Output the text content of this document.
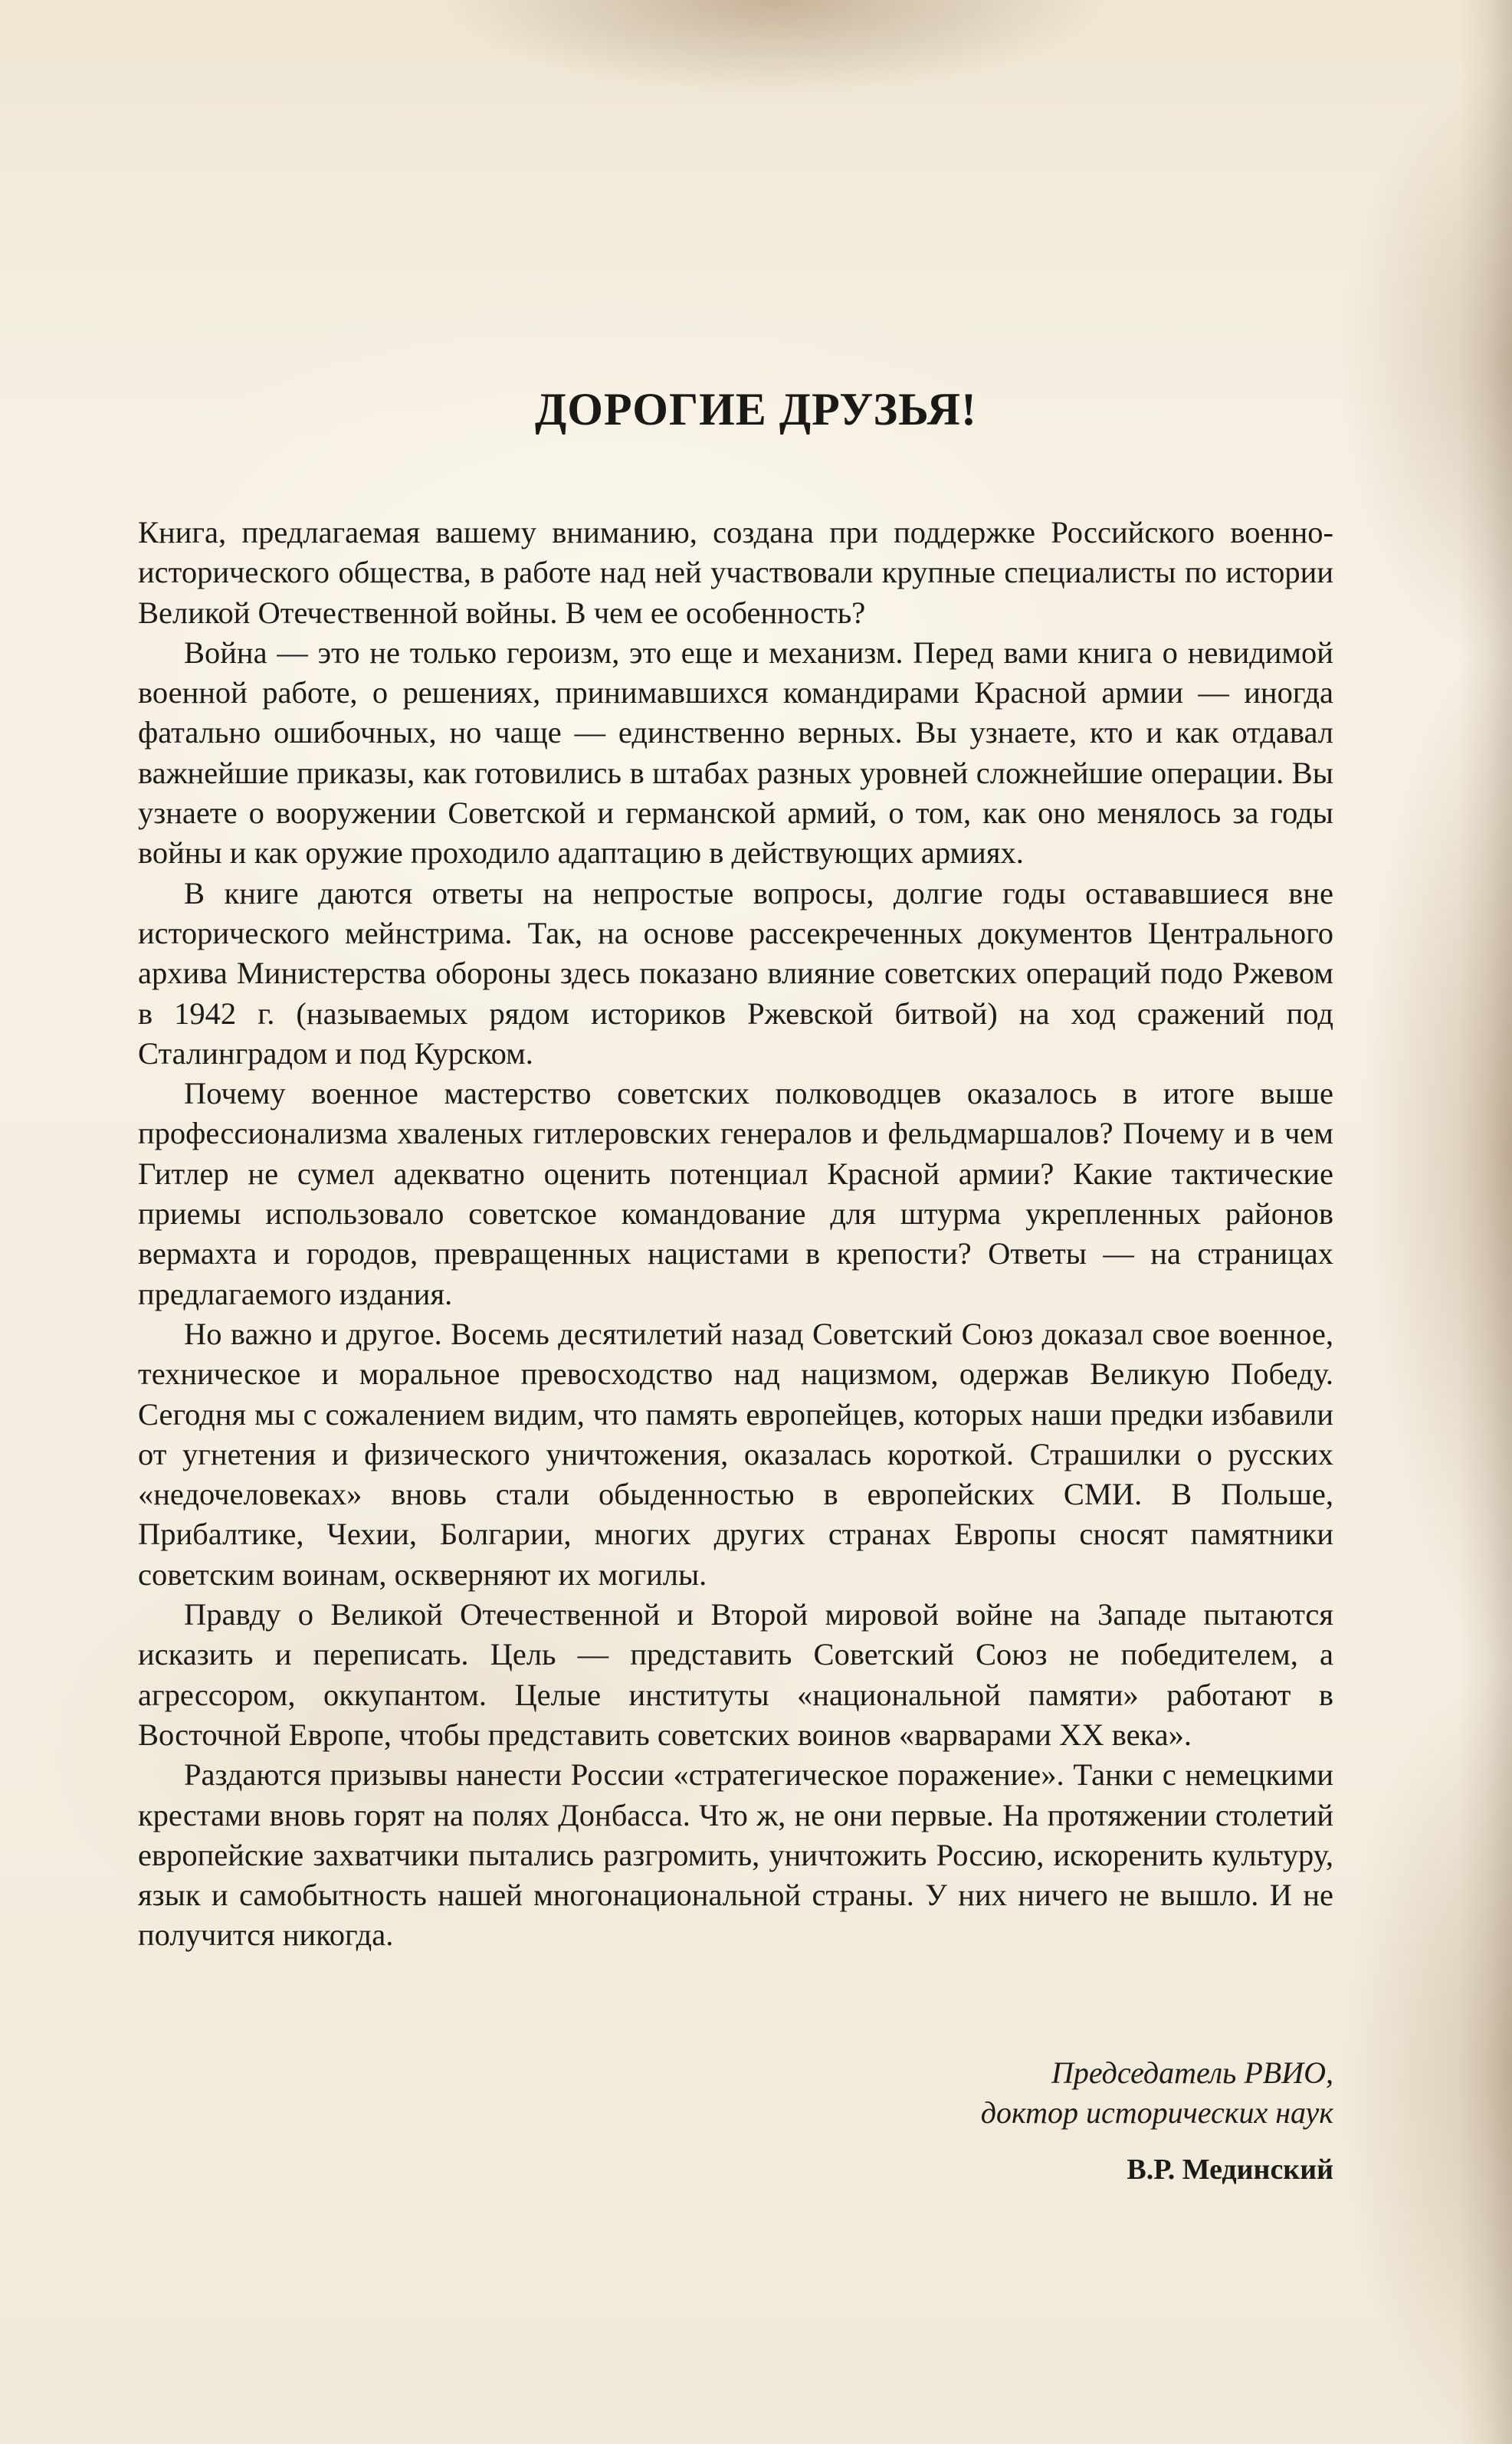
ДОРОГИЕ ДРУЗЬЯ!

Книга, предлагаемая вашему вниманию, создана при поддержке Российского военно-исторического общества, в работе над ней участвовали крупные специалисты по истории Великой Отечественной войны. В чем ее особенность?

Война — это не только героизм, это еще и механизм. Перед вами книга о невидимой военной работе, о решениях, принимавшихся командирами Красной армии — иногда фатально ошибочных, но чаще — единственно верных. Вы узнаете, кто и как отдавал важнейшие приказы, как готовились в штабах разных уровней сложнейшие операции. Вы узнаете о вооружении Советской и германской армий, о том, как оно менялось за годы войны и как оружие проходило адаптацию в действующих армиях.

В книге даются ответы на непростые вопросы, долгие годы остававшиеся вне исторического мейнстрима. Так, на основе рассекреченных документов Центрального архива Министерства обороны здесь показано влияние советских операций подо Ржевом в 1942 г. (называемых рядом историков Ржевской битвой) на ход сражений под Сталинградом и под Курском.

Почему военное мастерство советских полководцев оказалось в итоге выше профессионализма хваленых гитлеровских генералов и фельдмаршалов? Почему и в чем Гитлер не сумел адекватно оценить потенциал Красной армии? Какие тактические приемы использовало советское командование для штурма укрепленных районов вермахта и городов, превращенных нацистами в крепости? Ответы — на страницах предлагаемого издания.

Но важно и другое. Восемь десятилетий назад Советский Союз доказал свое военное, техническое и моральное превосходство над нацизмом, одержав Великую Победу. Сегодня мы с сожалением видим, что память европейцев, которых наши предки избавили от угнетения и физического уничтожения, оказалась короткой. Страшилки о русских «недочеловеках» вновь стали обыденностью в европейских СМИ. В Польше, Прибалтике, Чехии, Болгарии, многих других странах Европы сносят памятники советским воинам, оскверняют их могилы.

Правду о Великой Отечественной и Второй мировой войне на Западе пытаются исказить и переписать. Цель — представить Советский Союз не победителем, а агрессором, оккупантом. Целые институты «национальной памяти» работают в Восточной Европе, чтобы представить советских воинов «варварами XX века».

Раздаются призывы нанести России «стратегическое поражение». Танки с немецкими крестами вновь горят на полях Донбасса. Что ж, не они первые. На протяжении столетий европейские захватчики пытались разгромить, уничтожить Россию, искоренить культуру, язык и самобытность нашей многонациональной страны. У них ничего не вышло. И не получится никогда.

Председатель РВИО,
доктор исторических наук
В.Р. Мединский
